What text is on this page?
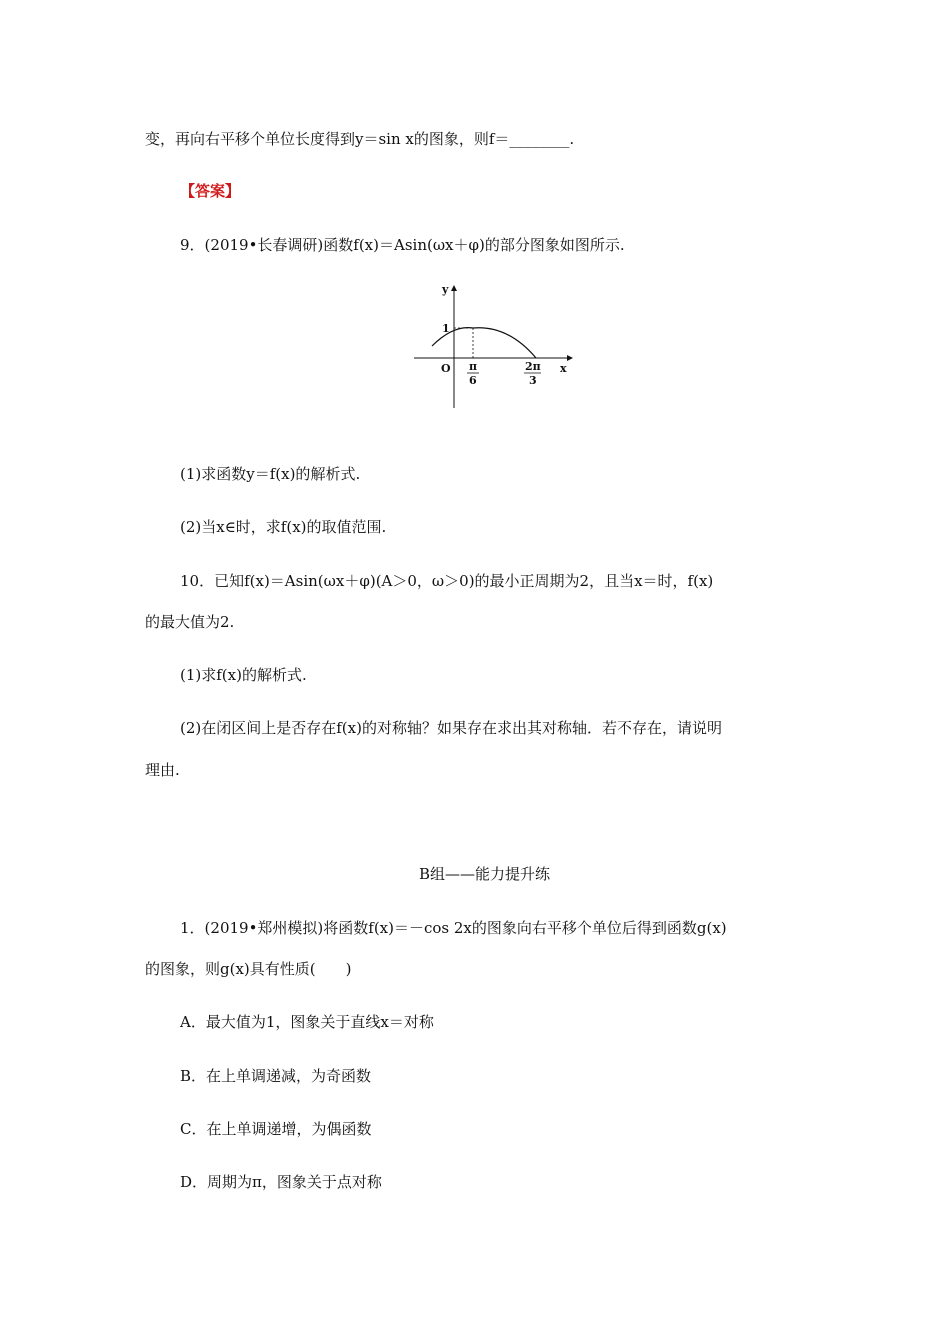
变，再向右平移个单位长度得到y＝sin x的图象，则f＝________.
【答案】
9．(2019•长春调研)函数f(x)＝Asin(ωx＋φ)的部分图象如图所示.
y
x
O
1
π
6
2π
3
(1)求函数y＝f(x)的解析式.
(2)当x∈时，求f(x)的取值范围.
10．已知f(x)＝Asin(ωx＋φ)(A＞0，ω＞0)的最小正周期为2，且当x＝时，f(x)
的最大值为2.
(1)求f(x)的解析式.
(2)在闭区间上是否存在f(x)的对称轴？如果存在求出其对称轴．若不存在，请说明
理由.
B组——能力提升练
1．(2019•郑州模拟)将函数f(x)＝－cos 2x的图象向右平移个单位后得到函数g(x)
的图象，则g(x)具有性质(　　)
A．最大值为1，图象关于直线x＝对称
B．在上单调递减，为奇函数
C．在上单调递增，为偶函数
D．周期为π，图象关于点对称
